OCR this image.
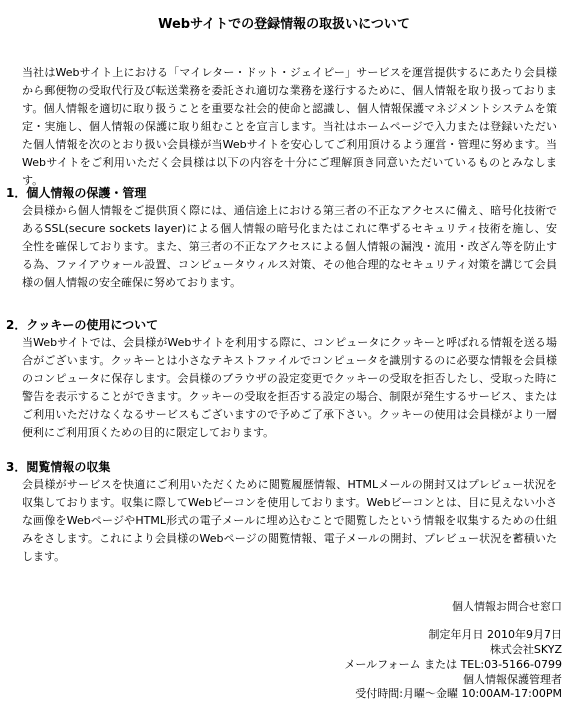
Webサイトでの登録情報の取扱いについて

当社はWebサイト上における「マイレター・ドット・ジェイピー」サービスを運営提供するにあたり会員様から郵便物の受取代行及び転送業務を委託され適切な業務を遂行するために、個人情報を取り扱っております。個人情報を適切に取り扱うことを重要な社会的使命と認識し、個人情報保護マネジメントシステムを策定・実施し、個人情報の保護に取り組むことを宣言します。当社はホームページで入力または登録いただいた個人情報を次のとおり扱い会員様が当Webサイトを安心してご利用頂けるよう運営・管理に努めます。当Webサイトをご利用いただく会員様は以下の内容を十分にご理解頂き同意いただいているものとみなします。

1．個人情報の保護・管理

会員様から個人情報をご提供頂く際には、通信途上における第三者の不正なアクセスに備え、暗号化技術であるSSL(secure sockets layer)による個人情報の暗号化またはこれに準ずるセキュリティ技術を施し、安全性を確保しております。また、第三者の不正なアクセスによる個人情報の漏洩・流用・改ざん等を防止する為、ファイアウォール設置、コンピュータウィルス対策、その他合理的なセキュリティ対策を講じて会員様の個人情報の安全確保に努めております。

2．クッキーの使用について

当Webサイトでは、会員様がWebサイトを利用する際に、コンピュータにクッキーと呼ばれる情報を送る場合がございます。クッキーとは小さなテキストファイルでコンピュータを識別するのに必要な情報を会員様のコンピュータに保存します。会員様のブラウザの設定変更でクッキーの受取を拒否したし、受取った時に警告を表示することができます。クッキーの受取を拒否する設定の場合、制限が発生するサービス、またはご利用いただけなくなるサービスもございますので予めご了承下さい。クッキーの使用は会員様がより一層便利にご利用頂くための目的に限定しております。

3．閲覧情報の収集

会員様がサービスを快適にご利用いただくために閲覧履歴情報、HTMLメールの開封又はプレビュー状況を収集しております。収集に際してWebビーコンを使用しております。Webビーコンとは、目に見えない小さな画像をWebページやHTML形式の電子メールに埋め込むことで閲覧したという情報を収集するための仕組みをさします。これにより会員様のWebページの閲覧情報、電子メールの開封、プレビュー状況を蓄積いたします。

個人情報お問合せ窓口

制定年月日 2010年9月7日

株式会社SKYZ

メールフォーム または TEL:03-5166-0799

個人情報保護管理者

受付時間:月曜～金曜 10:00AM-17:00PM
